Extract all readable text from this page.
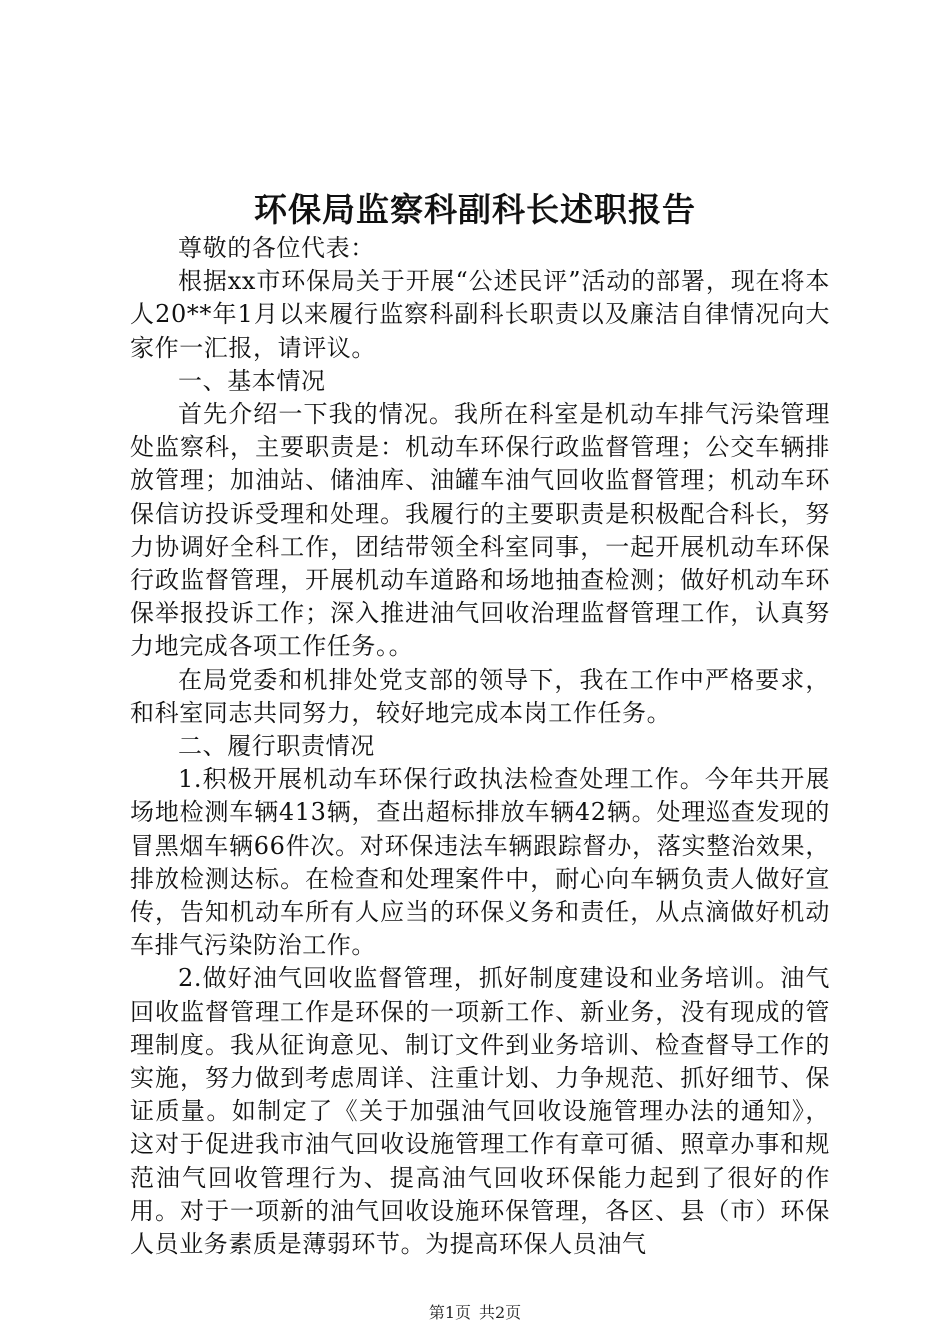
环保局监察科副科长述职报告

尊敬的各位代表：

根据xx市环保局关于开展“公述民评”活动的部署，现在将本人20**年1月以来履行监察科副科长职责以及廉洁自律情况向大家作一汇报，请评议。

一、基本情况

首先介绍一下我的情况。我所在科室是机动车排气污染管理处监察科，主要职责是：机动车环保行政监督管理；公交车辆排放管理；加油站、储油库、油罐车油气回收监督管理；机动车环保信访投诉受理和处理。我履行的主要职责是积极配合科长，努力协调好全科工作，团结带领全科室同事，一起开展机动车环保行政监督管理，开展机动车道路和场地抽查检测；做好机动车环保举报投诉工作；深入推进油气回收治理监督管理工作，认真努力地完成各项工作任务。。

在局党委和机排处党支部的领导下，我在工作中严格要求，和科室同志共同努力，较好地完成本岗工作任务。

二、履行职责情况

1.积极开展机动车环保行政执法检查处理工作。今年共开展场地检测车辆413辆，查出超标排放车辆42辆。处理巡查发现的冒黑烟车辆66件次。对环保违法车辆跟踪督办，落实整治效果，排放检测达标。在检查和处理案件中，耐心向车辆负责人做好宣传，告知机动车所有人应当的环保义务和责任，从点滴做好机动车排气污染防治工作。

2.做好油气回收监督管理，抓好制度建设和业务培训。油气回收监督管理工作是环保的一项新工作、新业务，没有现成的管理制度。我从征询意见、制订文件到业务培训、检查督导工作的实施，努力做到考虑周详、注重计划、力争规范、抓好细节、保证质量。如制定了《关于加强油气回收设施管理办法的通知》，这对于促进我市油气回收设施管理工作有章可循、照章办事和规范油气回收管理行为、提高油气回收环保能力起到了很好的作用。对于一项新的油气回收设施环保管理，各区、县（市）环保人员业务素质是薄弱环节。为提高环保人员油气

第1页 共2页
